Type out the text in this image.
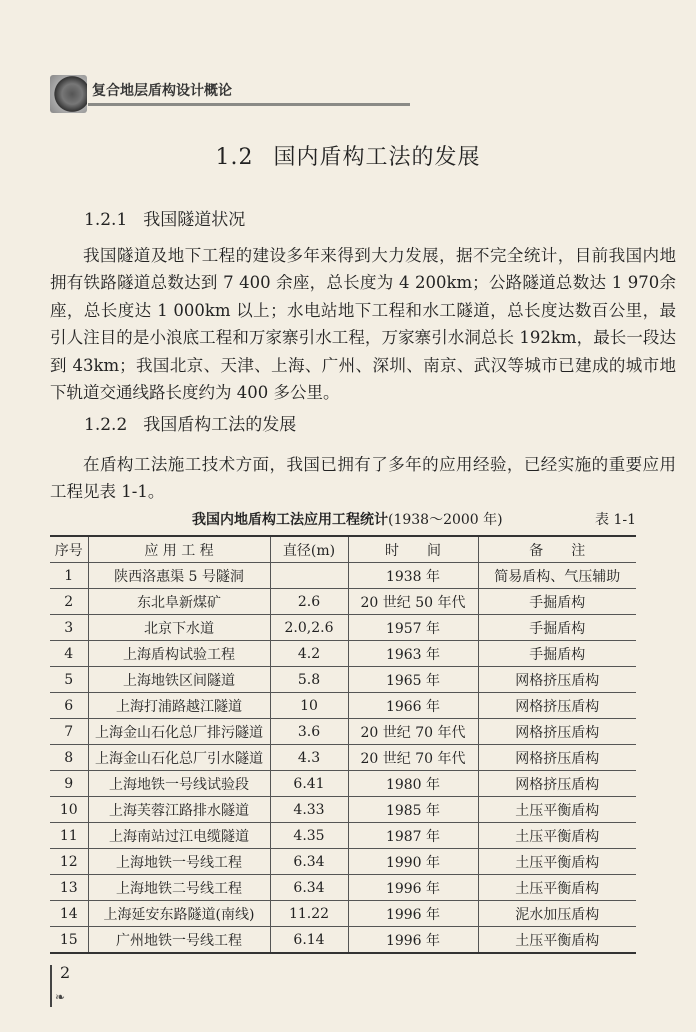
复合地层盾构设计概论
1.2 国内盾构工法的发展
1.2.1 我国隧道状况
我国隧道及地下工程的建设多年来得到大力发展，据不完全统计，目前我国内地拥有铁路隧道总数达到 7 400 余座，总长度为 4 200km；公路隧道总数达 1 970余座，总长度达 1 000km 以上；水电站地下工程和水工隧道，总长度达数百公里，最引人注目的是小浪底工程和万家寨引水工程，万家寨引水洞总长 192km，最长一段达到 43km；我国北京、天津、上海、广州、深圳、南京、武汉等城市已建成的城市地下轨道交通线路长度约为 400 多公里。
1.2.2 我国盾构工法的发展
在盾构工法施工技术方面，我国已拥有了多年的应用经验，已经实施的重要应用工程见表 1-1。
我国内地盾构工法应用工程统计(1938～2000 年)	表 1-1
序号	应 用 工 程	直径(m)	时　　间	备　　注
1	陕西洛惠渠 5 号隧洞		1938 年	简易盾构、气压辅助
2	东北阜新煤矿	2.6	20 世纪 50 年代	手掘盾构
3	北京下水道	2.0,2.6	1957 年	手掘盾构
4	上海盾构试验工程	4.2	1963 年	手掘盾构
5	上海地铁区间隧道	5.8	1965 年	网格挤压盾构
6	上海打浦路越江隧道	10	1966 年	网格挤压盾构
7	上海金山石化总厂排污隧道	3.6	20 世纪 70 年代	网格挤压盾构
8	上海金山石化总厂引水隧道	4.3	20 世纪 70 年代	网格挤压盾构
9	上海地铁一号线试验段	6.41	1980 年	网格挤压盾构
10	上海芙蓉江路排水隧道	4.33	1985 年	土压平衡盾构
11	上海南站过江电缆隧道	4.35	1987 年	土压平衡盾构
12	上海地铁一号线工程	6.34	1990 年	土压平衡盾构
13	上海地铁二号线工程	6.34	1996 年	土压平衡盾构
14	上海延安东路隧道(南线)	11.22	1996 年	泥水加压盾构
15	广州地铁一号线工程	6.14	1996 年	土压平衡盾构
2
❧
